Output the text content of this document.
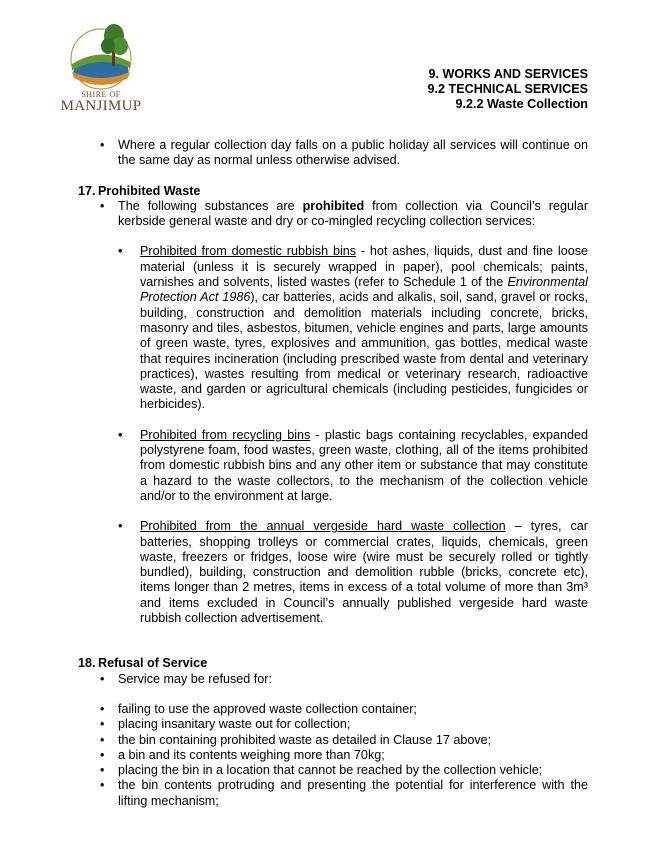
SHIRE OF
MANJIMUP
9. WORKS AND SERVICES
9.2 TECHNICAL SERVICES
9.2.2 Waste Collection
• Where a regular collection day falls on a public holiday all services will continue on the same day as normal unless otherwise advised.
17. Prohibited Waste
• The following substances are prohibited from collection via Council’s regular kerbside general waste and dry or co-mingled recycling collection services:
• Prohibited from domestic rubbish bins - hot ashes, liquids, dust and fine loose material (unless it is securely wrapped in paper), pool chemicals; paints, varnishes and solvents, listed wastes (refer to Schedule 1 of the Environmental Protection Act 1986), car batteries, acids and alkalis, soil, sand, gravel or rocks, building, construction and demolition materials including concrete, bricks, masonry and tiles, asbestos, bitumen, vehicle engines and parts, large amounts of green waste, tyres, explosives and ammunition, gas bottles, medical waste that requires incineration (including prescribed waste from dental and veterinary practices), wastes resulting from medical or veterinary research, radioactive waste, and garden or agricultural chemicals (including pesticides, fungicides or herbicides).
• Prohibited from recycling bins - plastic bags containing recyclables, expanded polystyrene foam, food wastes, green waste, clothing, all of the items prohibited from domestic rubbish bins and any other item or substance that may constitute a hazard to the waste collectors, to the mechanism of the collection vehicle and/or to the environment at large.
• Prohibited from the annual vergeside hard waste collection – tyres, car batteries, shopping trolleys or commercial crates, liquids, chemicals, green waste, freezers or fridges, loose wire (wire must be securely rolled or tightly bundled), building, construction and demolition rubble (bricks, concrete etc), items longer than 2 metres, items in excess of a total volume of more than 3m³ and items excluded in Council’s annually published vergeside hard waste rubbish collection advertisement.
18. Refusal of Service
• Service may be refused for:
• failing to use the approved waste collection container;
• placing insanitary waste out for collection;
• the bin containing prohibited waste as detailed in Clause 17 above;
• a bin and its contents weighing more than 70kg;
• placing the bin in a location that cannot be reached by the collection vehicle;
• the bin contents protruding and presenting the potential for interference with the lifting mechanism;
